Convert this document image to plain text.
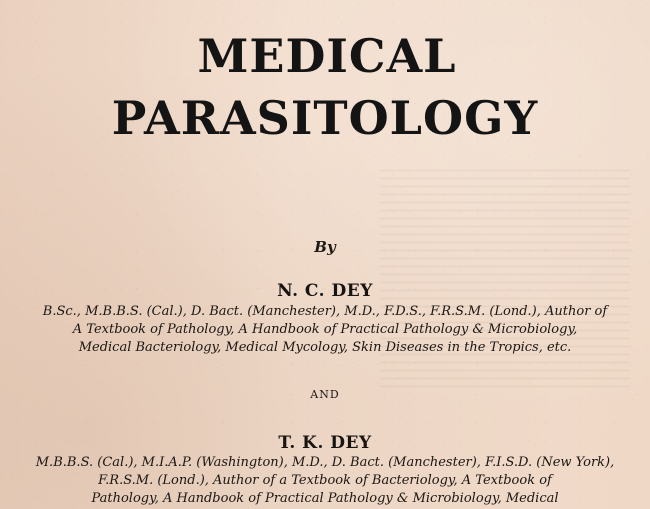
MEDICAL
PARASITOLOGY
By
N. C. DEY
B.Sc., M.B.B.S. (Cal.), D. Bact. (Manchester), M.D., F.D.S., F.R.S.M. (Lond.), Author of
A Textbook of Pathology, A Handbook of Practical Pathology & Microbiology,
Medical Bacteriology, Medical Mycology, Skin Diseases in the Tropics, etc.
AND
T. K. DEY
M.B.B.S. (Cal.), M.I.A.P. (Washington), M.D., D. Bact. (Manchester), F.I.S.D. (New York),
F.R.S.M. (Lond.), Author of a Textbook of Bacteriology, A Textbook of
Pathology, A Handbook of Practical Pathology & Microbiology, Medical
